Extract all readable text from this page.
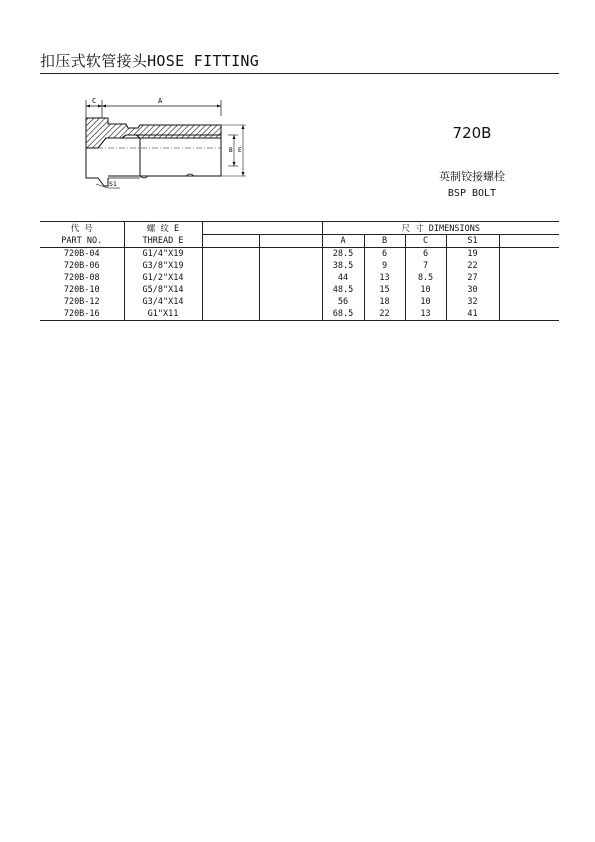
扣压式软管接头HOSE FITTING
C	A
B E
S1
720B
英制铰接螺栓
BSP BOLT
代 号	螺 纹 E			尺 寸 DIMENSIONS				
PART NO.	THREAD E			A	B	C	S1	
720B-04	G1/4"X19			28.5	6	6	19	
720B-06	G3/8"X19			38.5	9	7	22	
720B-08	G1/2"X14			44	13	8.5	27	
720B-10	G5/8"X14			48.5	15	10	30	
720B-12	G3/4"X14			56	18	10	32	
720B-16	G1"X11			68.5	22	13	41	
